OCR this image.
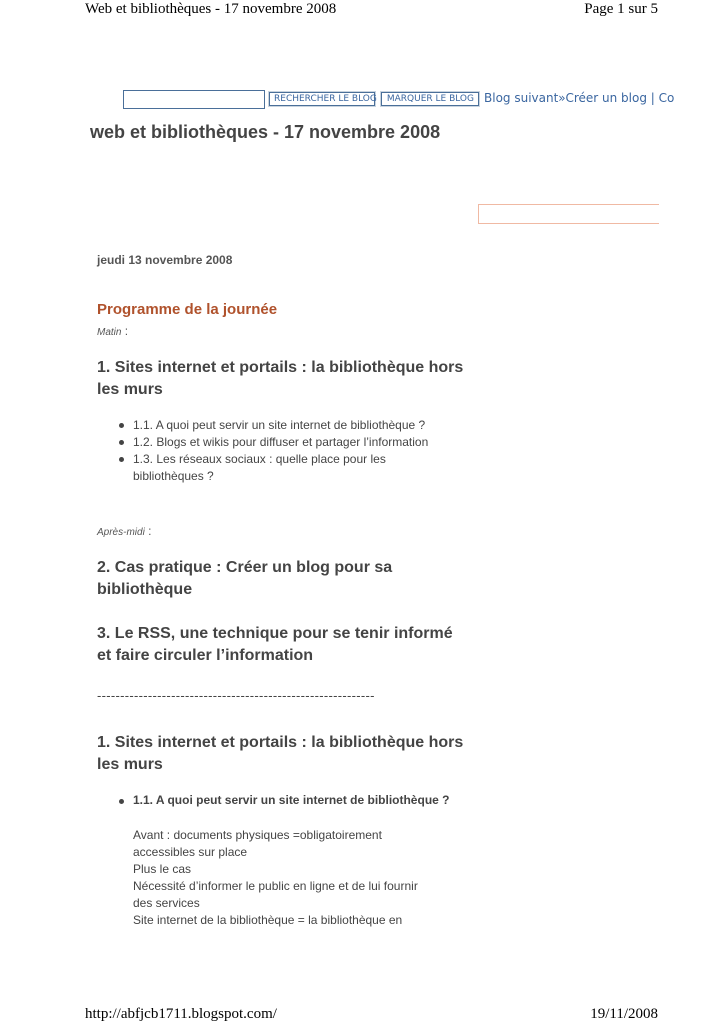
Web et bibliothèques - 17 novembre 2008	Page 1 sur 5
RECHERCHER LE BLOG	MARQUER LE BLOG Blog suivant»Créer un blog | Co
web et bibliothèques - 17 novembre 2008

jeudi 13 novembre 2008

Programme de la journée
Matin :
1. Sites internet et portails : la bibliothèque hors les murs
1.1. A quoi peut servir un site internet de bibliothèque ?
1.2. Blogs et wikis pour diffuser et partager l’information
1.3. Les réseaux sociaux : quelle place pour les bibliothèques ?
Après-midi :
2. Cas pratique : Créer un blog pour sa bibliothèque
3. Le RSS, une technique pour se tenir informé et faire circuler l’information
------------------------------------------------------------
1. Sites internet et portails : la bibliothèque hors les murs
1.1. A quoi peut servir un site internet de bibliothèque ?
Avant : documents physiques =obligatoirement
accessibles sur place
Plus le cas
Nécessité d’informer le public en ligne et de lui fournir
des services
Site internet de la bibliothèque = la bibliothèque en
http://abfjcb1711.blogspot.com/	19/11/2008
